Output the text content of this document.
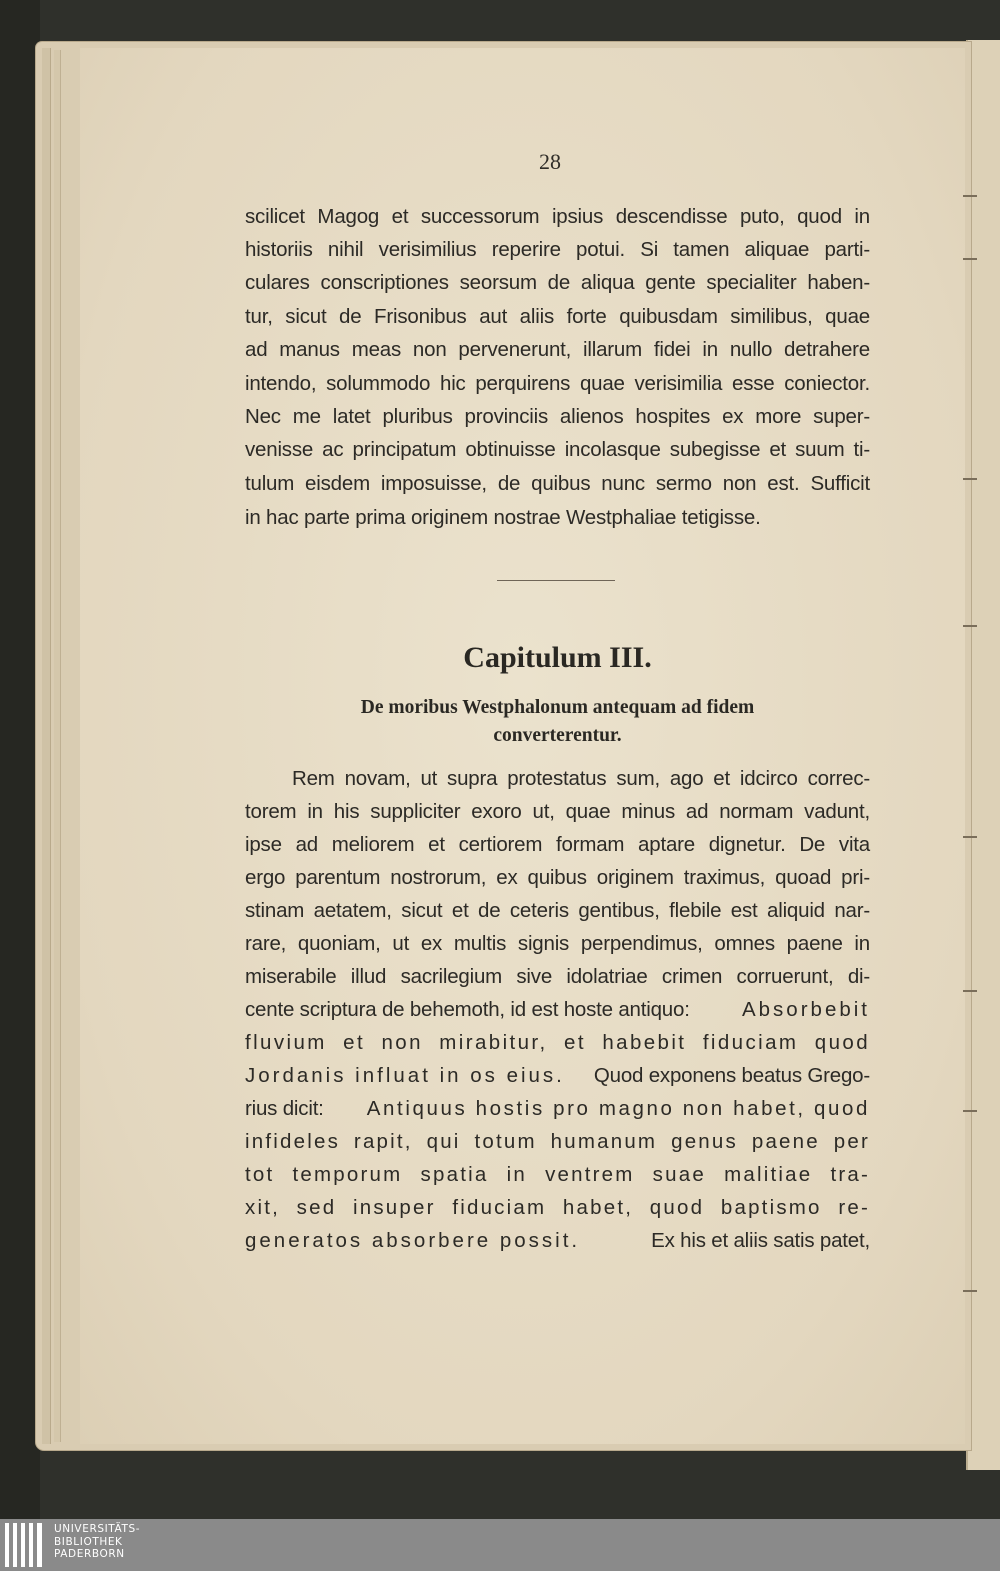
28
scilicet Magog et successorum ipsius descendisse puto, quod in
historiis nihil verisimilius reperire potui. Si tamen aliquae parti-
culares conscriptiones seorsum de aliqua gente specialiter haben-
tur, sicut de Frisonibus aut aliis forte quibusdam similibus, quae
ad manus meas non pervenerunt, illarum fidei in nullo detrahere
intendo, solummodo hic perquirens quae verisimilia esse coniector.
Nec me latet pluribus provinciis alienos hospites ex more super-
venisse ac principatum obtinuisse incolasque subegisse et suum ti-
tulum eisdem imposuisse, de quibus nunc sermo non est. Sufficit
in hac parte prima originem nostrae Westphaliae tetigisse.
Capitulum III.
De moribus Westphalonum antequam ad fidem
converterentur.
Rem novam, ut supra protestatus sum, ago et idcirco correc-
torem in his suppliciter exoro ut, quae minus ad normam vadunt,
ipse ad meliorem et certiorem formam aptare dignetur. De vita
ergo parentum nostrorum, ex quibus originem traximus, quoad pri-
stinam aetatem, sicut et de ceteris gentibus, flebile est aliquid nar-
rare, quoniam, ut ex multis signis perpendimus, omnes paene in
miserabile illud sacrilegium sive idolatriae crimen corruerunt, di-
cente scriptura de behemoth, id est hoste antiquo:	Absorbebit
fluvium et non mirabitur, et habebit fiduciam quod
Jordanis influat in os eius. Quod exponens beatus Grego-
rius dicit: Antiquus hostis pro magno non habet, quod
infideles rapit, qui totum humanum genus paene per
tot temporum spatia in ventrem suae malitiae tra-
xit, sed insuper fiduciam habet, quod baptismo re-
generatos absorbere possit.	Ex his et aliis satis patet,
UNIVERSITÄTS-
BIBLIOTHEK
PADERBORN
